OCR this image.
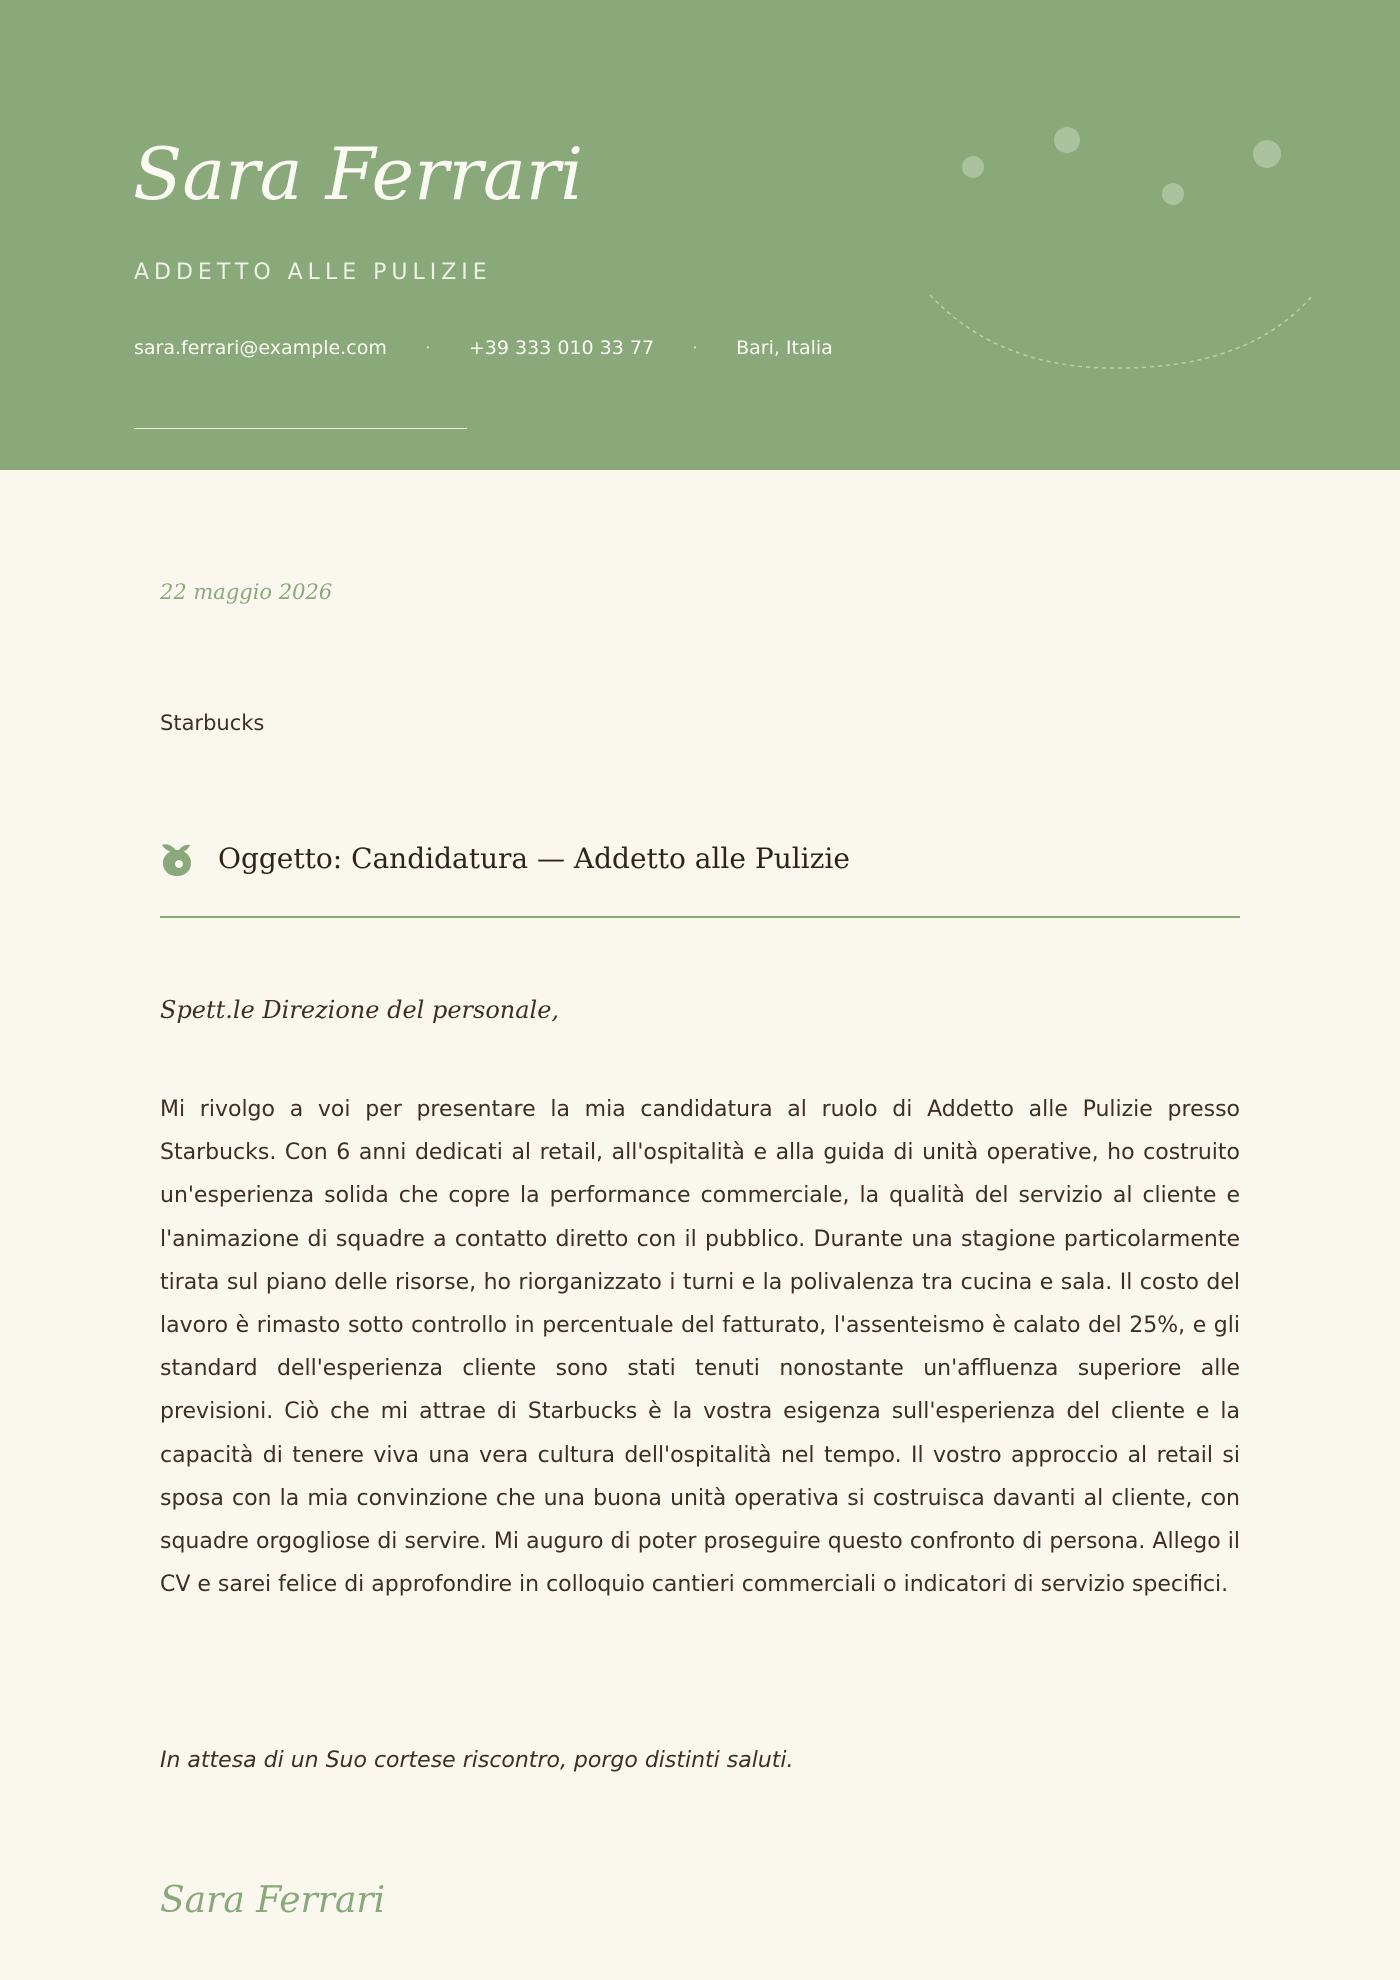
Sara Ferrari
ADDETTO ALLE PULIZIE
sara.ferrari@example.com · +39 333 010 33 77 · Bari, Italia
22 maggio 2026
Starbucks
Oggetto: Candidatura — Addetto alle Pulizie
Spett.le Direzione del personale,

Mi rivolgo a voi per presentare la mia candidatura al ruolo di Addetto alle Pulizie presso Starbucks. Con 6 anni dedicati al retail, all'ospitalità e alla guida di unità operative, ho costruito un'esperienza solida che copre la performance commerciale, la qualità del servizio al cliente e l'animazione di squadre a contatto diretto con il pubblico. Durante una stagione particolarmente tirata sul piano delle risorse, ho riorganizzato i turni e la polivalenza tra cucina e sala. Il costo del lavoro è rimasto sotto controllo in percentuale del fatturato, l'assenteismo è calato del 25%, e gli standard dell'esperienza cliente sono stati tenuti nonostante un'affluenza superiore alle previsioni. Ciò che mi attrae di Starbucks è la vostra esigenza sull'esperienza del cliente e la capacità di tenere viva una vera cultura dell'ospitalità nel tempo. Il vostro approccio al retail si sposa con la mia convinzione che una buona unità operativa si costruisca davanti al cliente, con squadre orgogliose di servire. Mi auguro di poter proseguire questo confronto di persona. Allego il CV e sarei felice di approfondire in colloquio cantieri commerciali o indicatori di servizio specifici.

In attesa di un Suo cortese riscontro, porgo distinti saluti.
Sara Ferrari
